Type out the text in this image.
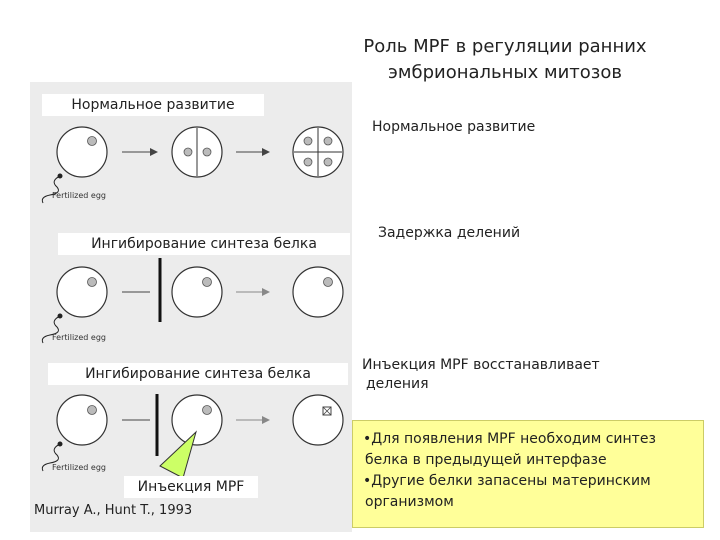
Роль MPF в регуляции ранних
эмбриональных митозов
Нормальное развитие
Ингибирование синтеза белка
Ингибирование синтеза белка
Fertilized egg
Fertilized egg
Fertilized egg
Инъекция MPF
Murray A., Hunt T., 1993
Нормальное развитие
Задержка делений
Инъекция MPF восстанавливает
деления
•Для появления MPF необходим синтез
белка в предыдущей интерфазе
•Другие белки запасены материнским
организмом
